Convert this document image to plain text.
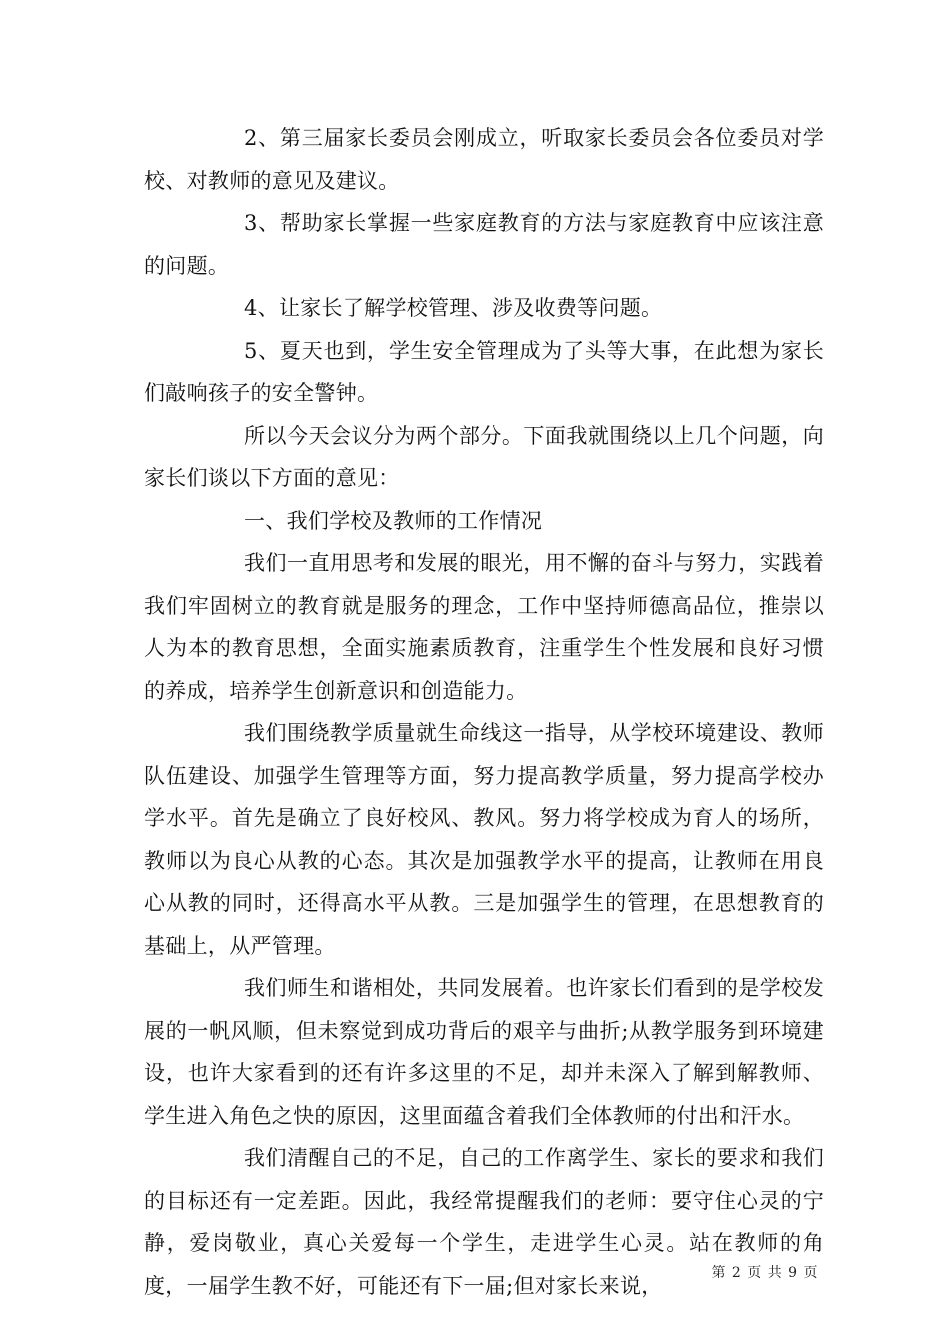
2、第三届家长委员会刚成立，听取家长委员会各位委员对学校、对教师的意见及建议。

3、帮助家长掌握一些家庭教育的方法与家庭教育中应该注意的问题。

4、让家长了解学校管理、涉及收费等问题。

5、夏天也到，学生安全管理成为了头等大事，在此想为家长们敲响孩子的安全警钟。

所以今天会议分为两个部分。下面我就围绕以上几个问题，向家长们谈以下方面的意见：

一、我们学校及教师的工作情况

我们一直用思考和发展的眼光，用不懈的奋斗与努力，实践着我们牢固树立的教育就是服务的理念，工作中坚持师德高品位，推崇以人为本的教育思想，全面实施素质教育，注重学生个性发展和良好习惯的养成，培养学生创新意识和创造能力。

我们围绕教学质量就生命线这一指导，从学校环境建设、教师队伍建设、加强学生管理等方面，努力提高教学质量，努力提高学校办学水平。首先是确立了良好校风、教风。努力将学校成为育人的场所，教师以为良心从教的心态。其次是加强教学水平的提高，让教师在用良心从教的同时，还得高水平从教。三是加强学生的管理，在思想教育的基础上，从严管理。

我们师生和谐相处，共同发展着。也许家长们看到的是学校发展的一帆风顺，但未察觉到成功背后的艰辛与曲折;从教学服务到环境建设，也许大家看到的还有许多这里的不足，却并未深入了解到解教师、学生进入角色之快的原因，这里面蕴含着我们全体教师的付出和汗水。

我们清醒自己的不足，自己的工作离学生、家长的要求和我们的目标还有一定差距。因此，我经常提醒我们的老师：要守住心灵的宁静，爱岗敬业，真心关爱每一个学生，走进学生心灵。站在教师的角度，一届学生教不好，可能还有下一届;但对家长来说，

第 2 页 共 9 页
